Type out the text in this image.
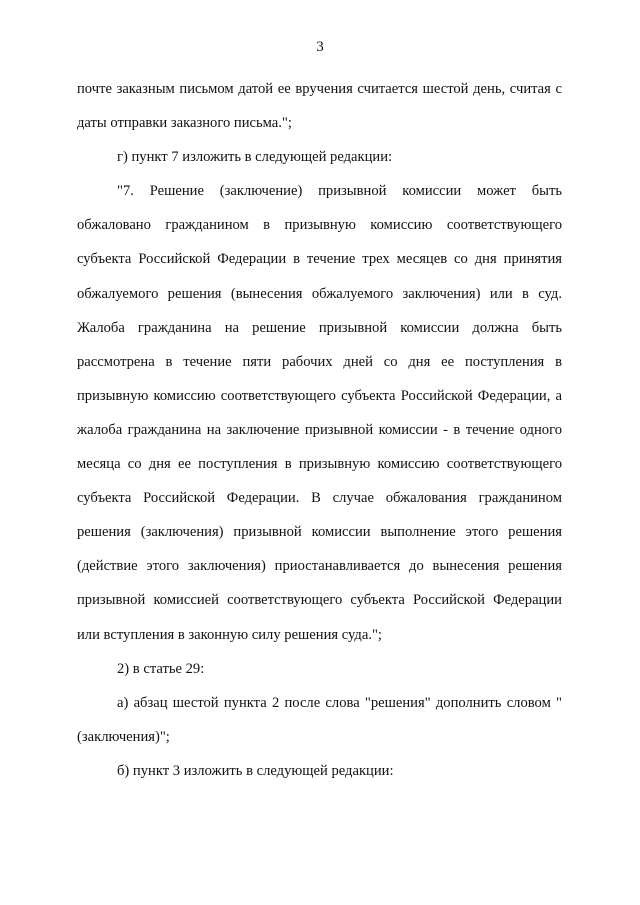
3

почте заказным письмом датой ее вручения считается шестой день, считая с даты отправки заказного письма.";

г) пункт 7 изложить в следующей редакции:

"7. Решение (заключение) призывной комиссии может быть обжаловано гражданином в призывную комиссию соответствующего субъекта Российской Федерации в течение трех месяцев со дня принятия обжалуемого решения (вынесения обжалуемого заключения) или в суд. Жалоба гражданина на решение призывной комиссии должна быть рассмотрена в течение пяти рабочих дней со дня ее поступления в призывную комиссию соответствующего субъекта Российской Федерации, а жалоба гражданина на заключение призывной комиссии - в течение одного месяца со дня ее поступления в призывную комиссию соответствующего субъекта Российской Федерации. В случае обжалования гражданином решения (заключения) призывной комиссии выполнение этого решения (действие этого заключения) приостанавливается до вынесения решения призывной комиссией соответствующего субъекта Российской Федерации или вступления в законную силу решения суда.";

2) в статье 29:

а) абзац шестой пункта 2 после слова "решения" дополнить словом "(заключения)";

б) пункт 3 изложить в следующей редакции:
